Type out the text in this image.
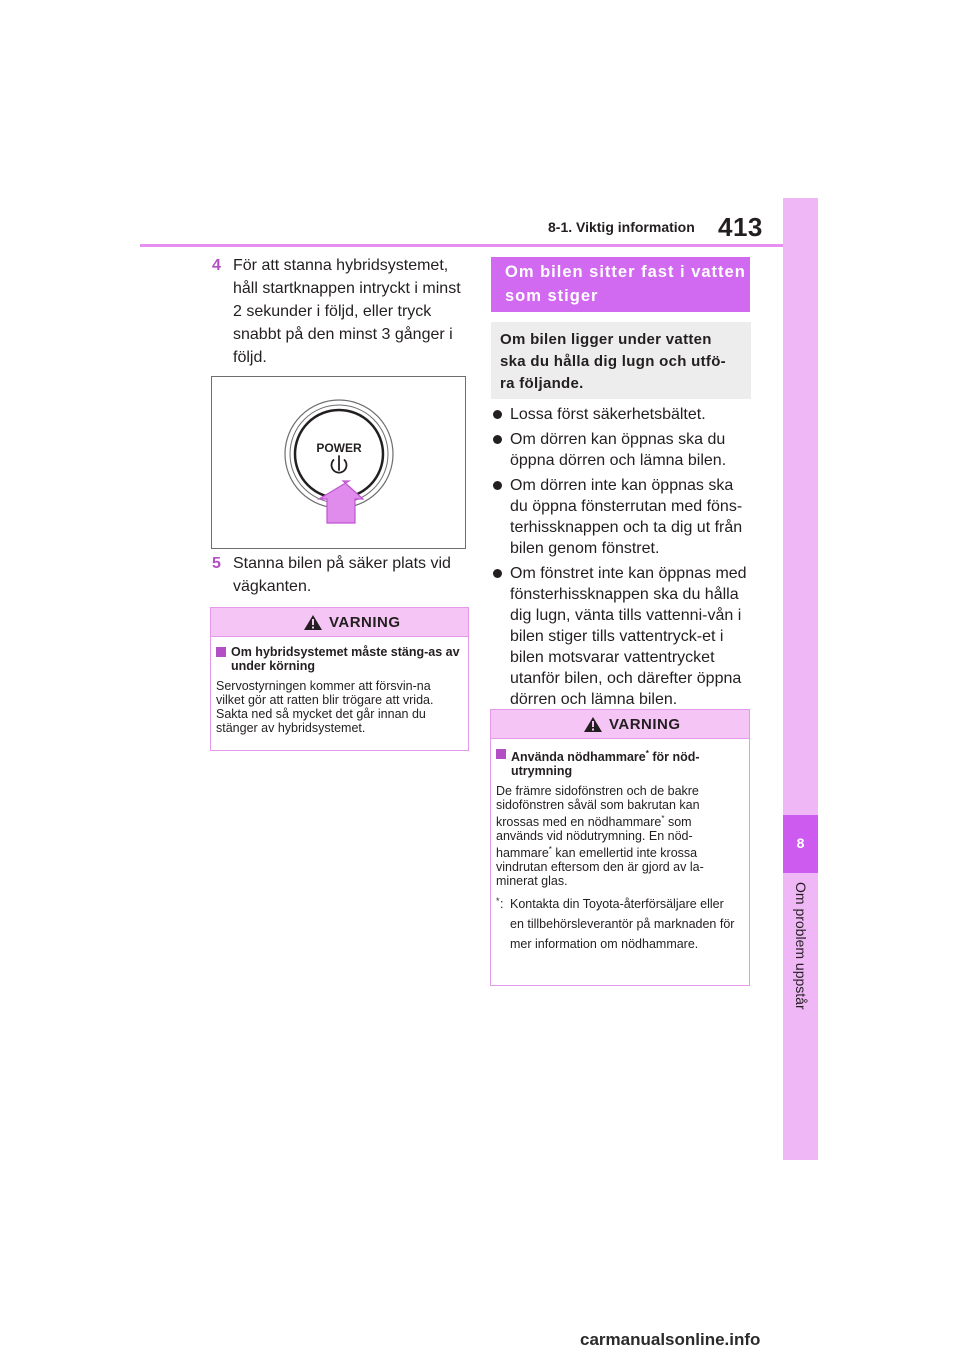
8-1. Viktig information 413
8
Om problem uppstår
4 För att stanna hybridsystemet, håll startknappen intryckt i minst 2 sekunder i följd, eller tryck snabbt på den minst 3 gånger i följd.
POWER
5 Stanna bilen på säker plats vid vägkanten.
VARNING
Om hybridsystemet måste stäng-as av under körning
Servostyrningen kommer att försvin-na vilket gör att ratten blir trögare att vrida. Sakta ned så mycket det går innan du stänger av hybridsystemet.
Om bilen sitter fast i vatten som stiger
Om bilen ligger under vatten ska du hålla dig lugn och utfö-ra följande.
Lossa först säkerhetsbältet.
Om dörren kan öppnas ska du öppna dörren och lämna bilen.
Om dörren inte kan öppnas ska du öppna fönsterrutan med föns-terhissknappen och ta dig ut från bilen genom fönstret.
Om fönstret inte kan öppnas med fönsterhissknappen ska du hålla dig lugn, vänta tills vattenni-vån i bilen stiger tills vattentryck-et i bilen motsvarar vattentrycket utanför bilen, och därefter öppna dörren och lämna bilen.
VARNING
Använda nödhammare* för nöd-utrymning
De främre sidofönstren och de bakre sidofönstren såväl som bakrutan kan krossas med en nödhammare* som används vid nödutrymning. En nöd-hammare* kan emellertid inte krossa vindrutan eftersom den är gjord av la-minerat glas.
* : Kontakta din Toyota-återförsäljare eller en tillbehörsleverantör på marknaden för mer information om nödhammare.
carmanualsonline.info
